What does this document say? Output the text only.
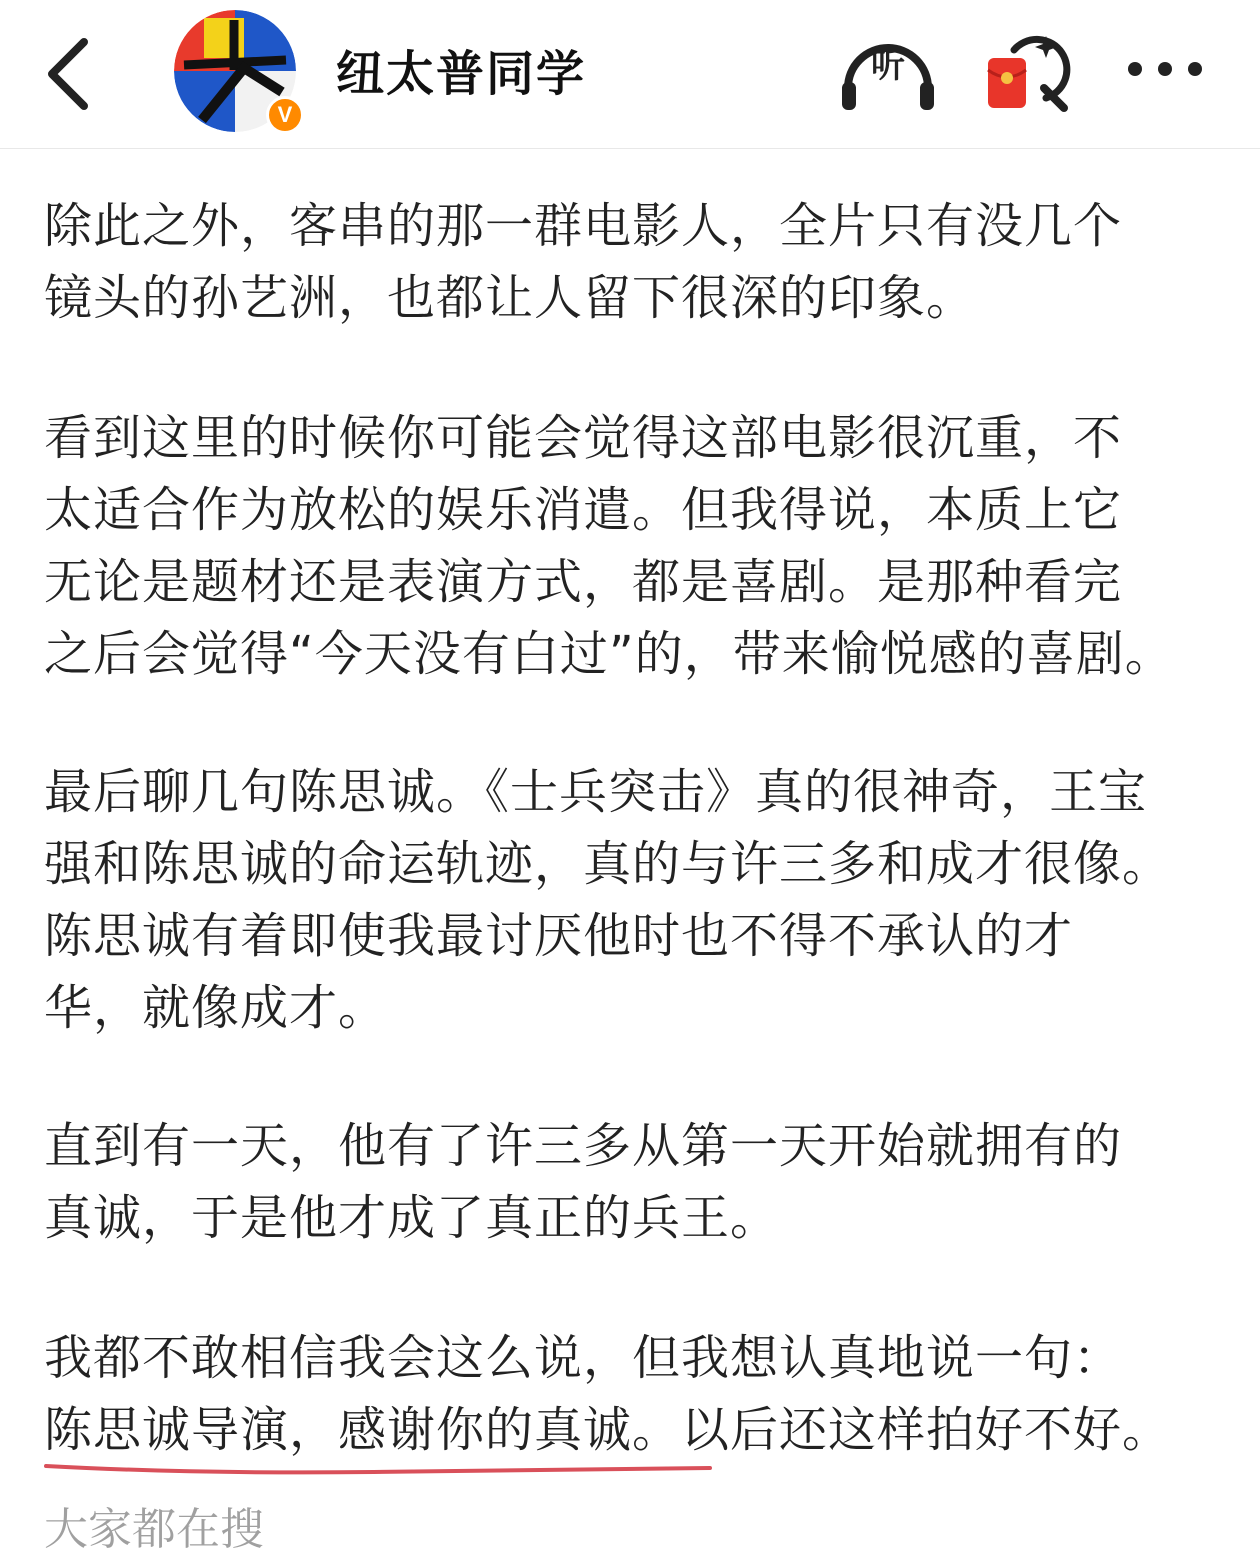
V
纽太普同学	听
除此之外，客串的那一群电影人，全片只有没几个
镜头的孙艺洲，也都让人留下很深的印象。
看到这里的时候你可能会觉得这部电影很沉重，不
太适合作为放松的娱乐消遣。但我得说，本质上它
无论是题材还是表演方式，都是喜剧。是那种看完
之后会觉得“今天没有白过”的，带来愉悦感的喜剧。
最后聊几句陈思诚。《士兵突击》真的很神奇，王宝
强和陈思诚的命运轨迹，真的与许三多和成才很像。
陈思诚有着即使我最讨厌他时也不得不承认的才
华，就像成才。
直到有一天，他有了许三多从第一天开始就拥有的
真诚，于是他才成了真正的兵王。
我都不敢相信我会这么说，但我想认真地说一句：
陈思诚导演，感谢你的真诚。以后还这样拍好不好。
大家都在搜
